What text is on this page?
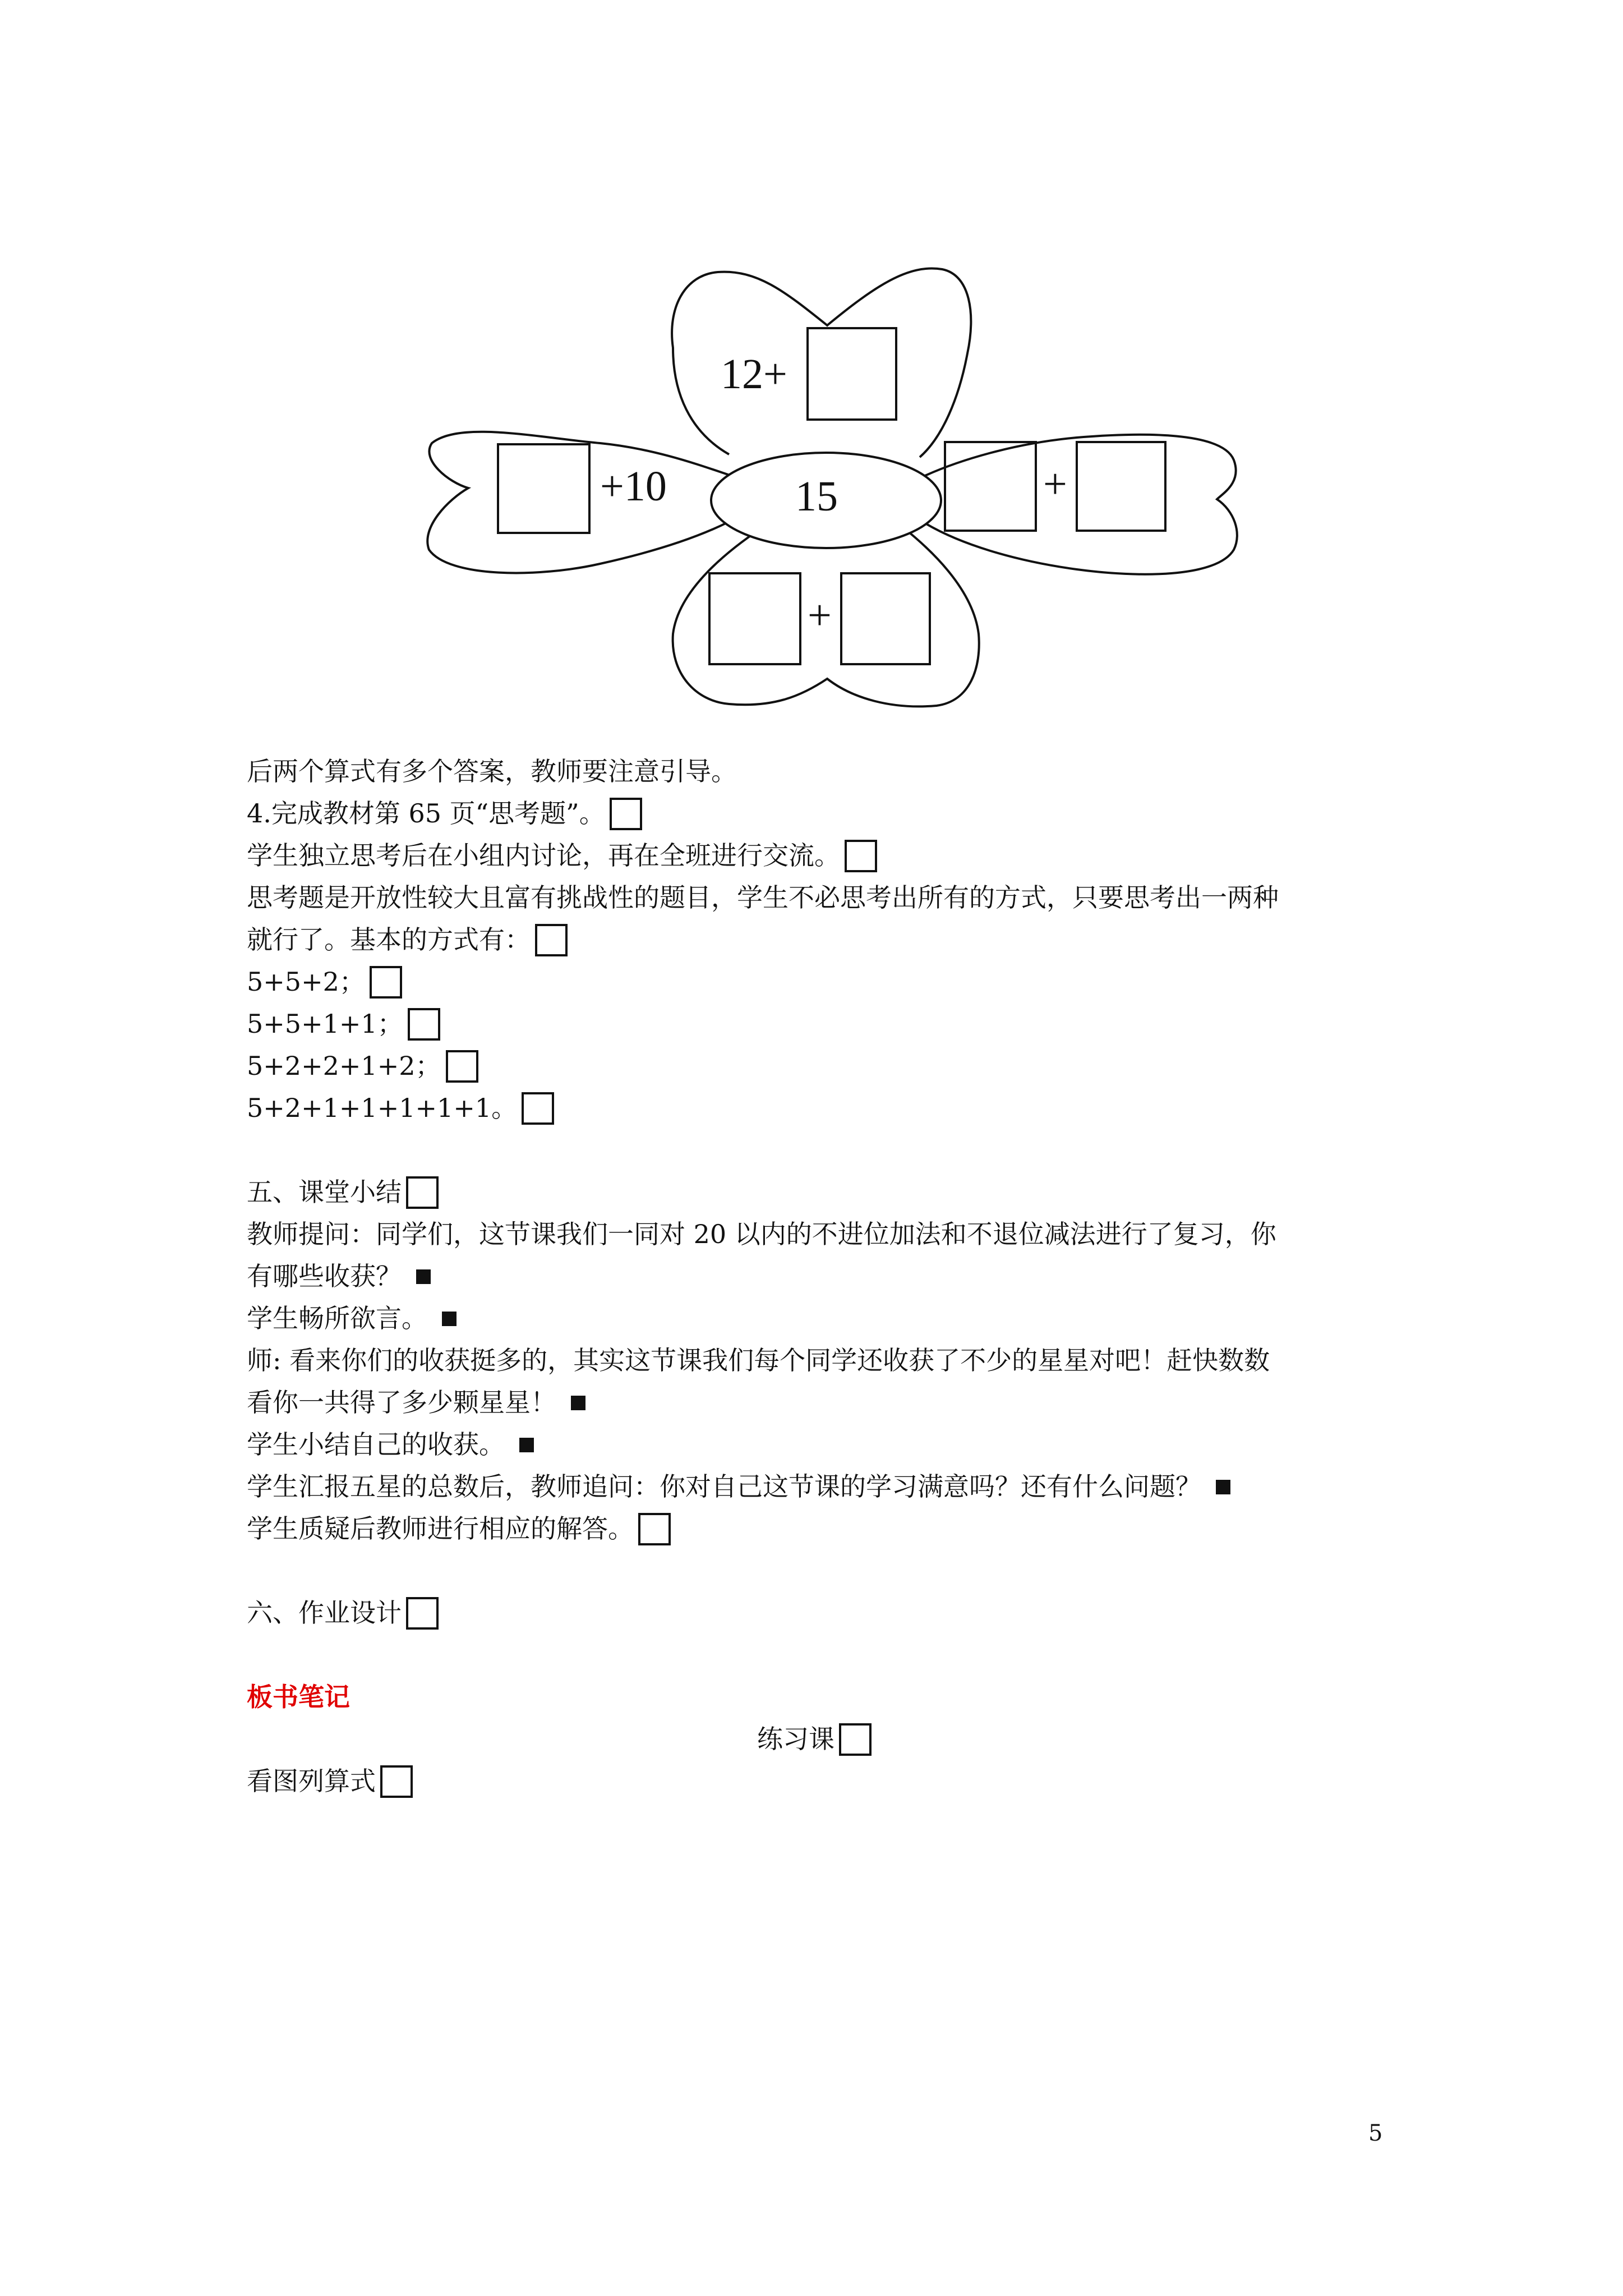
12+
+10	15	+
+
后两个算式有多个答案，教师要注意引导。
4.完成教材第 65 页“思考题”。
学生独立思考后在小组内讨论，再在全班进行交流。
思考题是开放性较大且富有挑战性的题目，学生不必思考出所有的方式，只要思考出一两种
就行了。基本的方式有：
5+5+2；
5+5+1+1；
5+2+2+1+2；
5+2+1+1+1+1+1。
五、课堂小结
教师提问：同学们，这节课我们一同对 20 以内的不进位加法和不退位减法进行了复习，你
有哪些收获？
学生畅所欲言。
师: 看来你们的收获挺多的，其实这节课我们每个同学还收获了不少的星星对吧！赶快数数
看你一共得了多少颗星星！
学生小结自己的收获。
学生汇报五星的总数后，教师追问：你对自己这节课的学习满意吗？还有什么问题？
学生质疑后教师进行相应的解答。
六、作业设计
板书笔记
练习课
看图列算式
5
